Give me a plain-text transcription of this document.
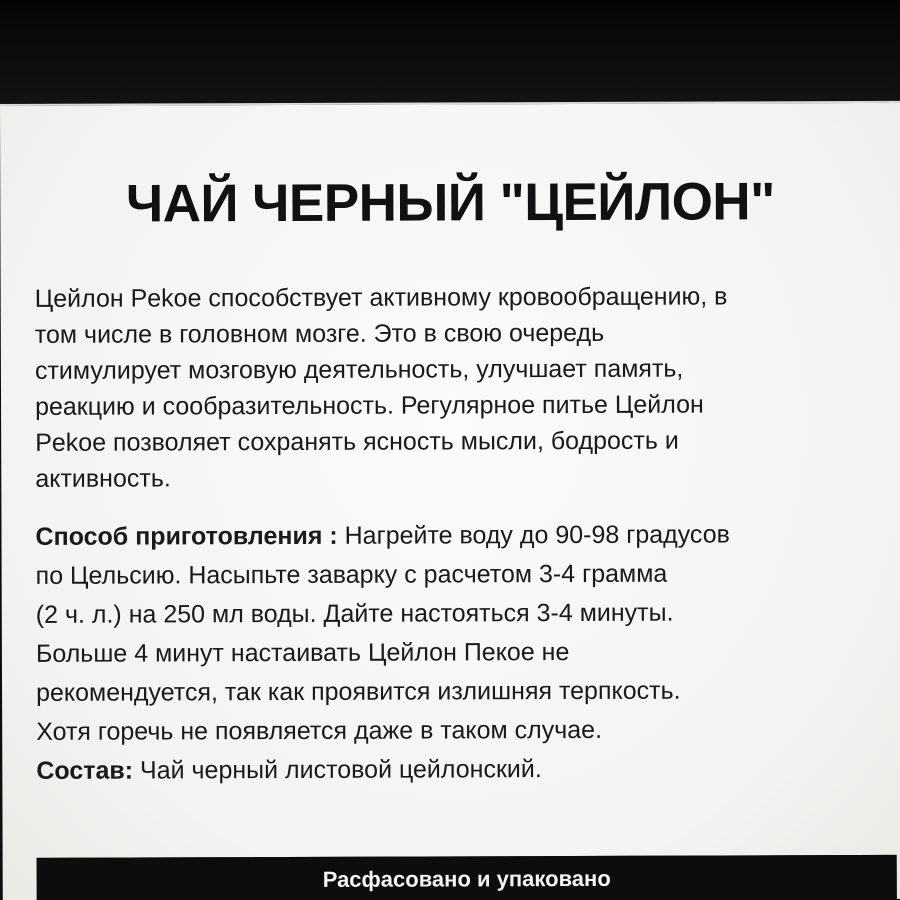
ЧАЙ ЧЕРНЫЙ "ЦЕЙЛОН"
Цейлон Pekoe способствует активному кровообращению, в
том числе в головном мозге. Это в свою очередь
стимулирует мозговую деятельность, улучшает память,
реакцию и сообразительность. Регулярное питье Цейлон
Pekoe позволяет сохранять ясность мысли, бодрость и
активность.
Способ приготовления : Нагрейте воду до 90-98 градусов
по Цельсию. Насыпьте заварку с расчетом 3-4 грамма
(2 ч. л.) на 250 мл воды. Дайте настояться 3-4 минуты.
Больше 4 минут настаивать Цейлон Пекое не
рекомендуется, так как проявится излишняя терпкость.
Хотя горечь не появляется даже в таком случае.
Состав: Чай черный листовой цейлонский.
Расфасовано и упаковано
